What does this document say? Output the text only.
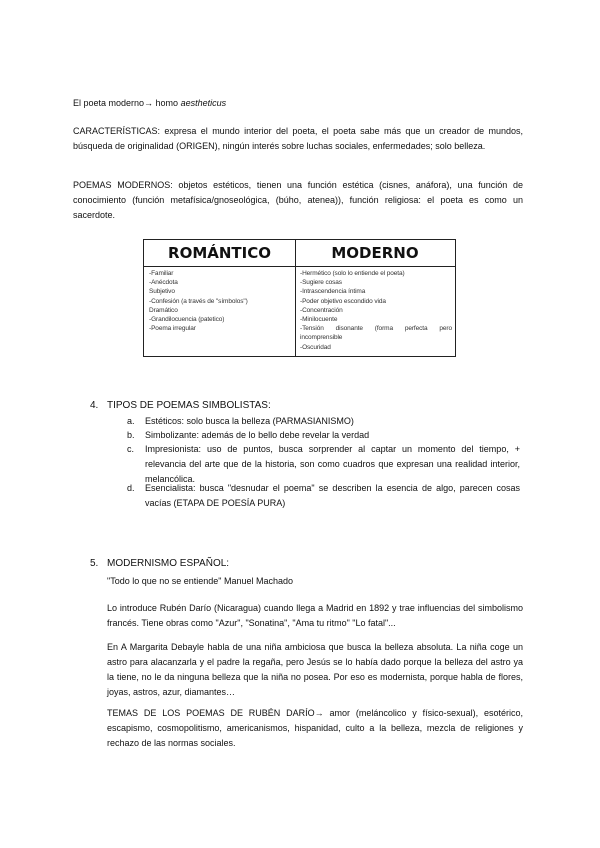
El poeta moderno→ homo aestheticus

CARACTERÍSTICAS: expresa el mundo interior del poeta, el poeta sabe más que un creador de mundos, búsqueda de originalidad (ORIGEN), ningún interés sobre luchas sociales, enfermedades; solo belleza.

POEMAS MODERNOS: objetos estéticos, tienen una función estética (cisnes, anáfora), una función de conocimiento (función metafísica/gnoseológica, (búho, atenea)), función religiosa: el poeta es como un sacerdote.

ROMÁNTICO	MODERNO
-Familiar
-Anécdota
Subjetivo
-Confesión (a través de "símbolos")
Dramático
-Grandilocuencia (patetico)
-Poema irregular
-Hermético (solo lo entiende el poeta)
-Sugiere cosas
-Intrascendencia íntima
-Poder objetivo escondido vida
-Concentración
-Minilocuente
-Tensión disonante (forma perfecta pero incomprensible
-Oscuridad
4. TIPOS DE POEMAS SIMBOLISTAS:
a. Estéticos: solo busca la belleza (PARMASIANISMO)
b. Simbolizante: además de lo bello debe revelar la verdad
c. Impresionista: uso de puntos, busca sorprender al captar un momento del tiempo, + relevancia del arte que de la historia, son como cuadros que expresan una realidad interior, melancólica.
d. Esencialista: busca "desnudar el poema" se describen la esencia de algo, parecen cosas vacías (ETAPA DE POESÍA PURA)
5. MODERNISMO ESPAÑOL:

"Todo lo que no se entiende" Manuel Machado

Lo introduce Rubén Darío (Nicaragua) cuando llega a Madrid en 1892 y trae influencias del simbolismo francés. Tiene obras como "Azur", "Sonatina", "Ama tu ritmo" "Lo fatal"...

En A Margarita Debayle habla de una niña ambiciosa que busca la belleza absoluta. La niña coge un astro para alacanzarla y el padre la regaña, pero Jesús se lo había dado porque la belleza del astro ya la tiene, no le da ninguna belleza que la niña no posea. Por eso es modernista, porque habla de flores, joyas, astros, azur, diamantes…

TEMAS DE LOS POEMAS DE RUBÉN DARÍO→ amor (meláncolico y físico-sexual), esotérico, escapismo, cosmopolitismo, americanismos, hispanidad, culto a la belleza, mezcla de religiones y rechazo de las normas sociales.
